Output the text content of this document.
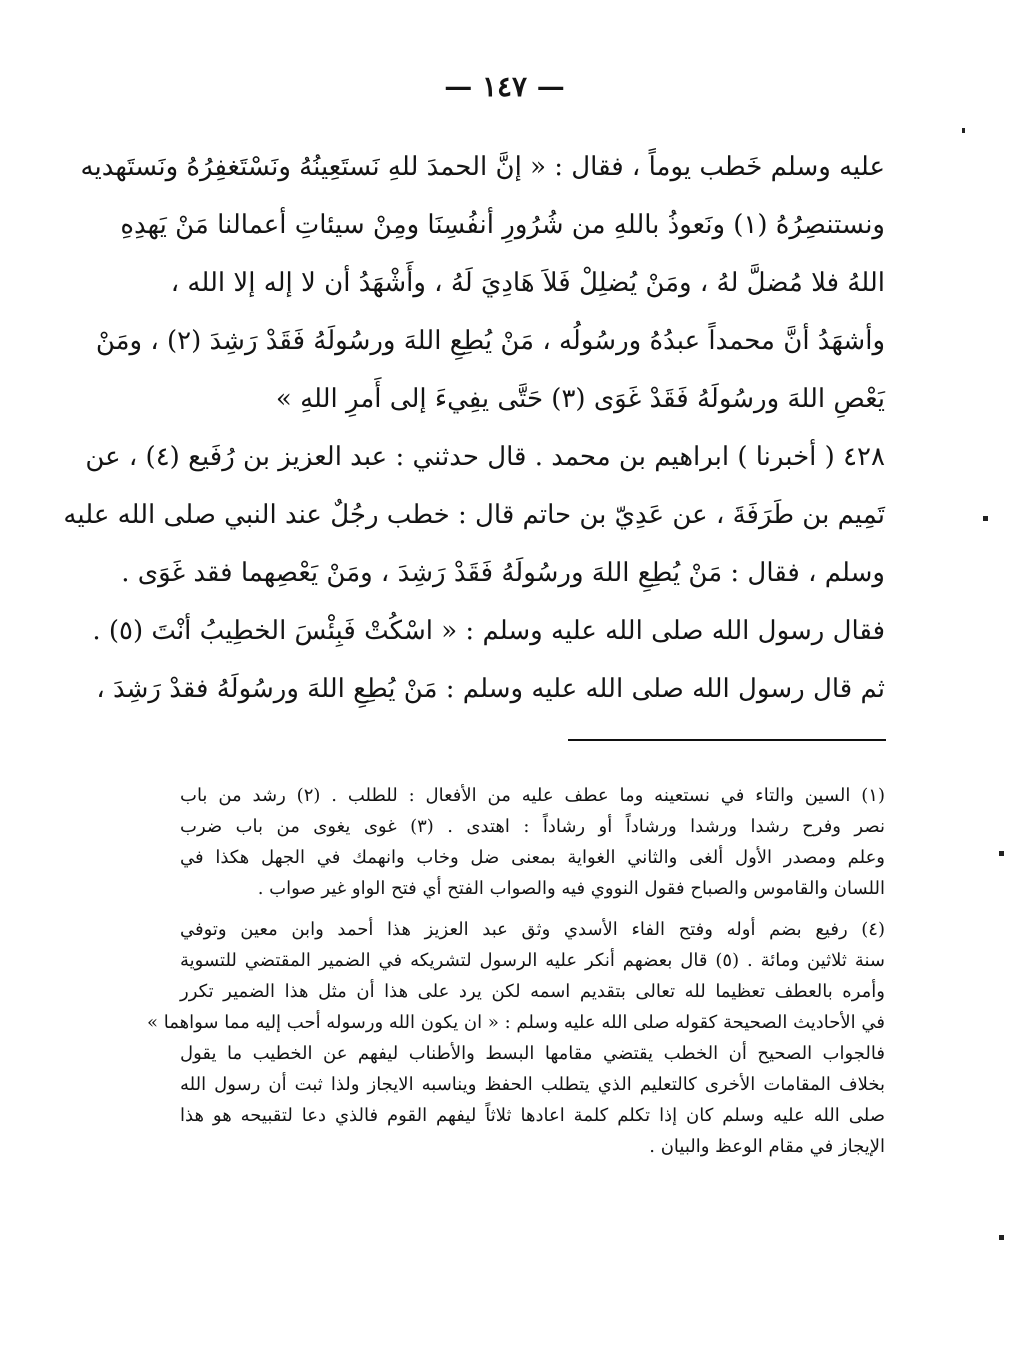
— ١٤٧ —
عليه وسلم خَطب يوماً ، فقال : « إنَّ الحمدَ للهِ نَستَعِينُهُ ونَسْتَغفِرُهُ ونَستَهديه
ونستنصِرُهُ (١) ونَعوذُ باللهِ من شُرُورِ أنفُسِنَا ومِنْ سيئاتِ أعمالنا مَنْ يَهدِهِ
اللهُ فلا مُضلَّ لهُ ، ومَنْ يُضلِلْ فَلاَ هَادِيَ لَهُ ، وأَشْهَدُ أن لا إله إلا الله ،
وأشهَدُ أنَّ محمداً عبدُهُ ورسُولُه ، مَنْ يُطِعِ اللهَ ورسُولَهُ فَقَدْ رَشِدَ (٢) ، ومَنْ
يَعْصِ اللهَ ورسُولَهُ فَقَدْ غَوَى (٣) حَتَّى يفِيءَ إلى أَمرِ اللهِ »
٤٢٨ ( أخبرنا ) ابراهيم بن محمد . قال حدثني : عبد العزيز بن رُفَيع (٤) ، عن
تَمِيم بن طَرَفَةَ ، عن عَدِيّ بن حاتم قال : خطب رجُلٌ عند النبي صلى الله عليه
وسلم ، فقال : مَنْ يُطِعِ اللهَ ورسُولَهُ فَقَدْ رَشِدَ ، ومَنْ يَعْصِهما فقد غَوَى .
فقال رسول الله صلى الله عليه وسلم : « اسْكُتْ فَبِئْسَ الخطِيبُ أنْتَ (٥) .
ثم قال رسول الله صلى الله عليه وسلم : مَنْ يُطِعِ اللهَ ورسُولَهُ فقدْ رَشِدَ ،
(١) السين والتاء في نستعينه وما عطف عليه من الأفعال : للطلب . (٢) رشد من باب
نصر وفرح رشدا ورشدا ورشاداً أو رشاداً : اهتدى . (٣) غوى يغوى من باب ضرب
وعلم ومصدر الأول ألغى والثاني الغواية بمعنى ضل وخاب وانهمك في الجهل هكذا في
اللسان والقاموس والصباح فقول النووي فيه والصواب الفتح أي فتح الواو غير صواب .
(٤) رفيع بضم أوله وفتح الفاء الأسدي وثق عبد العزيز هذا أحمد وابن معين وتوفي
سنة ثلاثين ومائة . (٥) قال بعضهم أنكر عليه الرسول لتشريكه في الضمير المقتضي للتسوية
وأمره بالعطف تعظيما لله تعالى بتقديم اسمه لكن يرد على هذا أن مثل هذا الضمير تكرر
في الأحاديث الصحيحة كقوله صلى الله عليه وسلم : « ان يكون الله ورسوله أحب إليه مما سواهما »
فالجواب الصحيح أن الخطب يقتضي مقامها البسط والأطناب ليفهم عن الخطيب ما يقول
بخلاف المقامات الأخرى كالتعليم الذي يتطلب الحفظ ويناسبه الايجاز ولذا ثبت أن رسول الله
صلى الله عليه وسلم كان إذا تكلم كلمة اعادها ثلاثاً ليفهم القوم فالذي دعا لتقبيحه هو هذا
الإيجاز في مقام الوعظ والبيان .
